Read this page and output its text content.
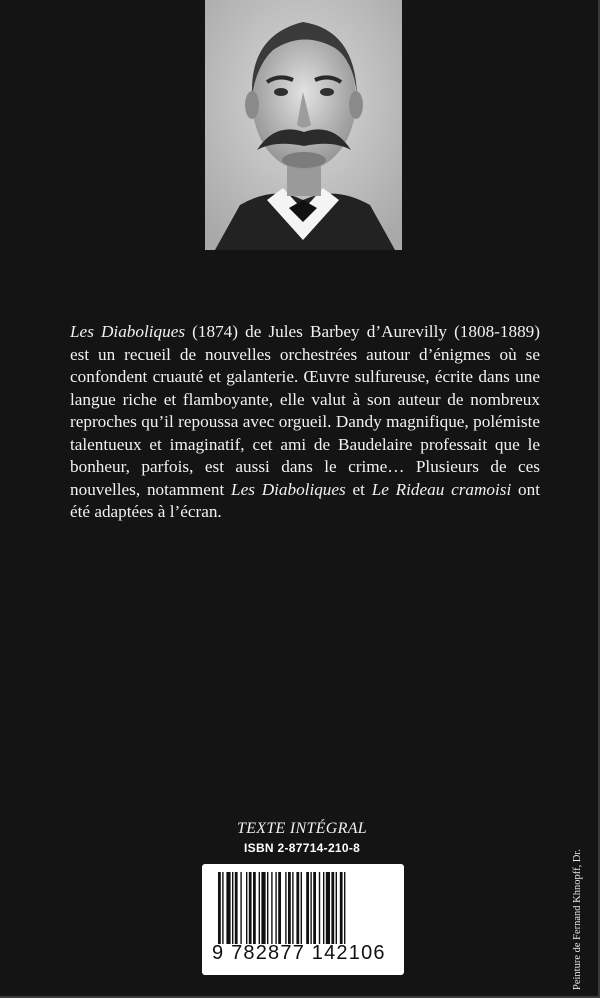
Les Diaboliques (1874) de Jules Barbey d’Aurevilly (1808-1889) est un recueil de nouvelles orchestrées autour d’énigmes où se confondent cruauté et galanterie. Œuvre sulfureuse, écrite dans une langue riche et flamboyante, elle valut à son auteur de nombreux reproches qu’il repoussa avec orgueil. Dandy magnifique, polémiste talentueux et imaginatif, cet ami de Baudelaire professait que le bonheur, parfois, est aussi dans le crime… Plusieurs de ces nouvelles, notamment Les Diaboliques et Le Rideau cramoisi ont été adaptées à l’écran.

TEXTE INTÉGRAL
ISBN 2-87714-210-8
9 782877 142106	Peinture de Fernand Khnopff, Dr.
